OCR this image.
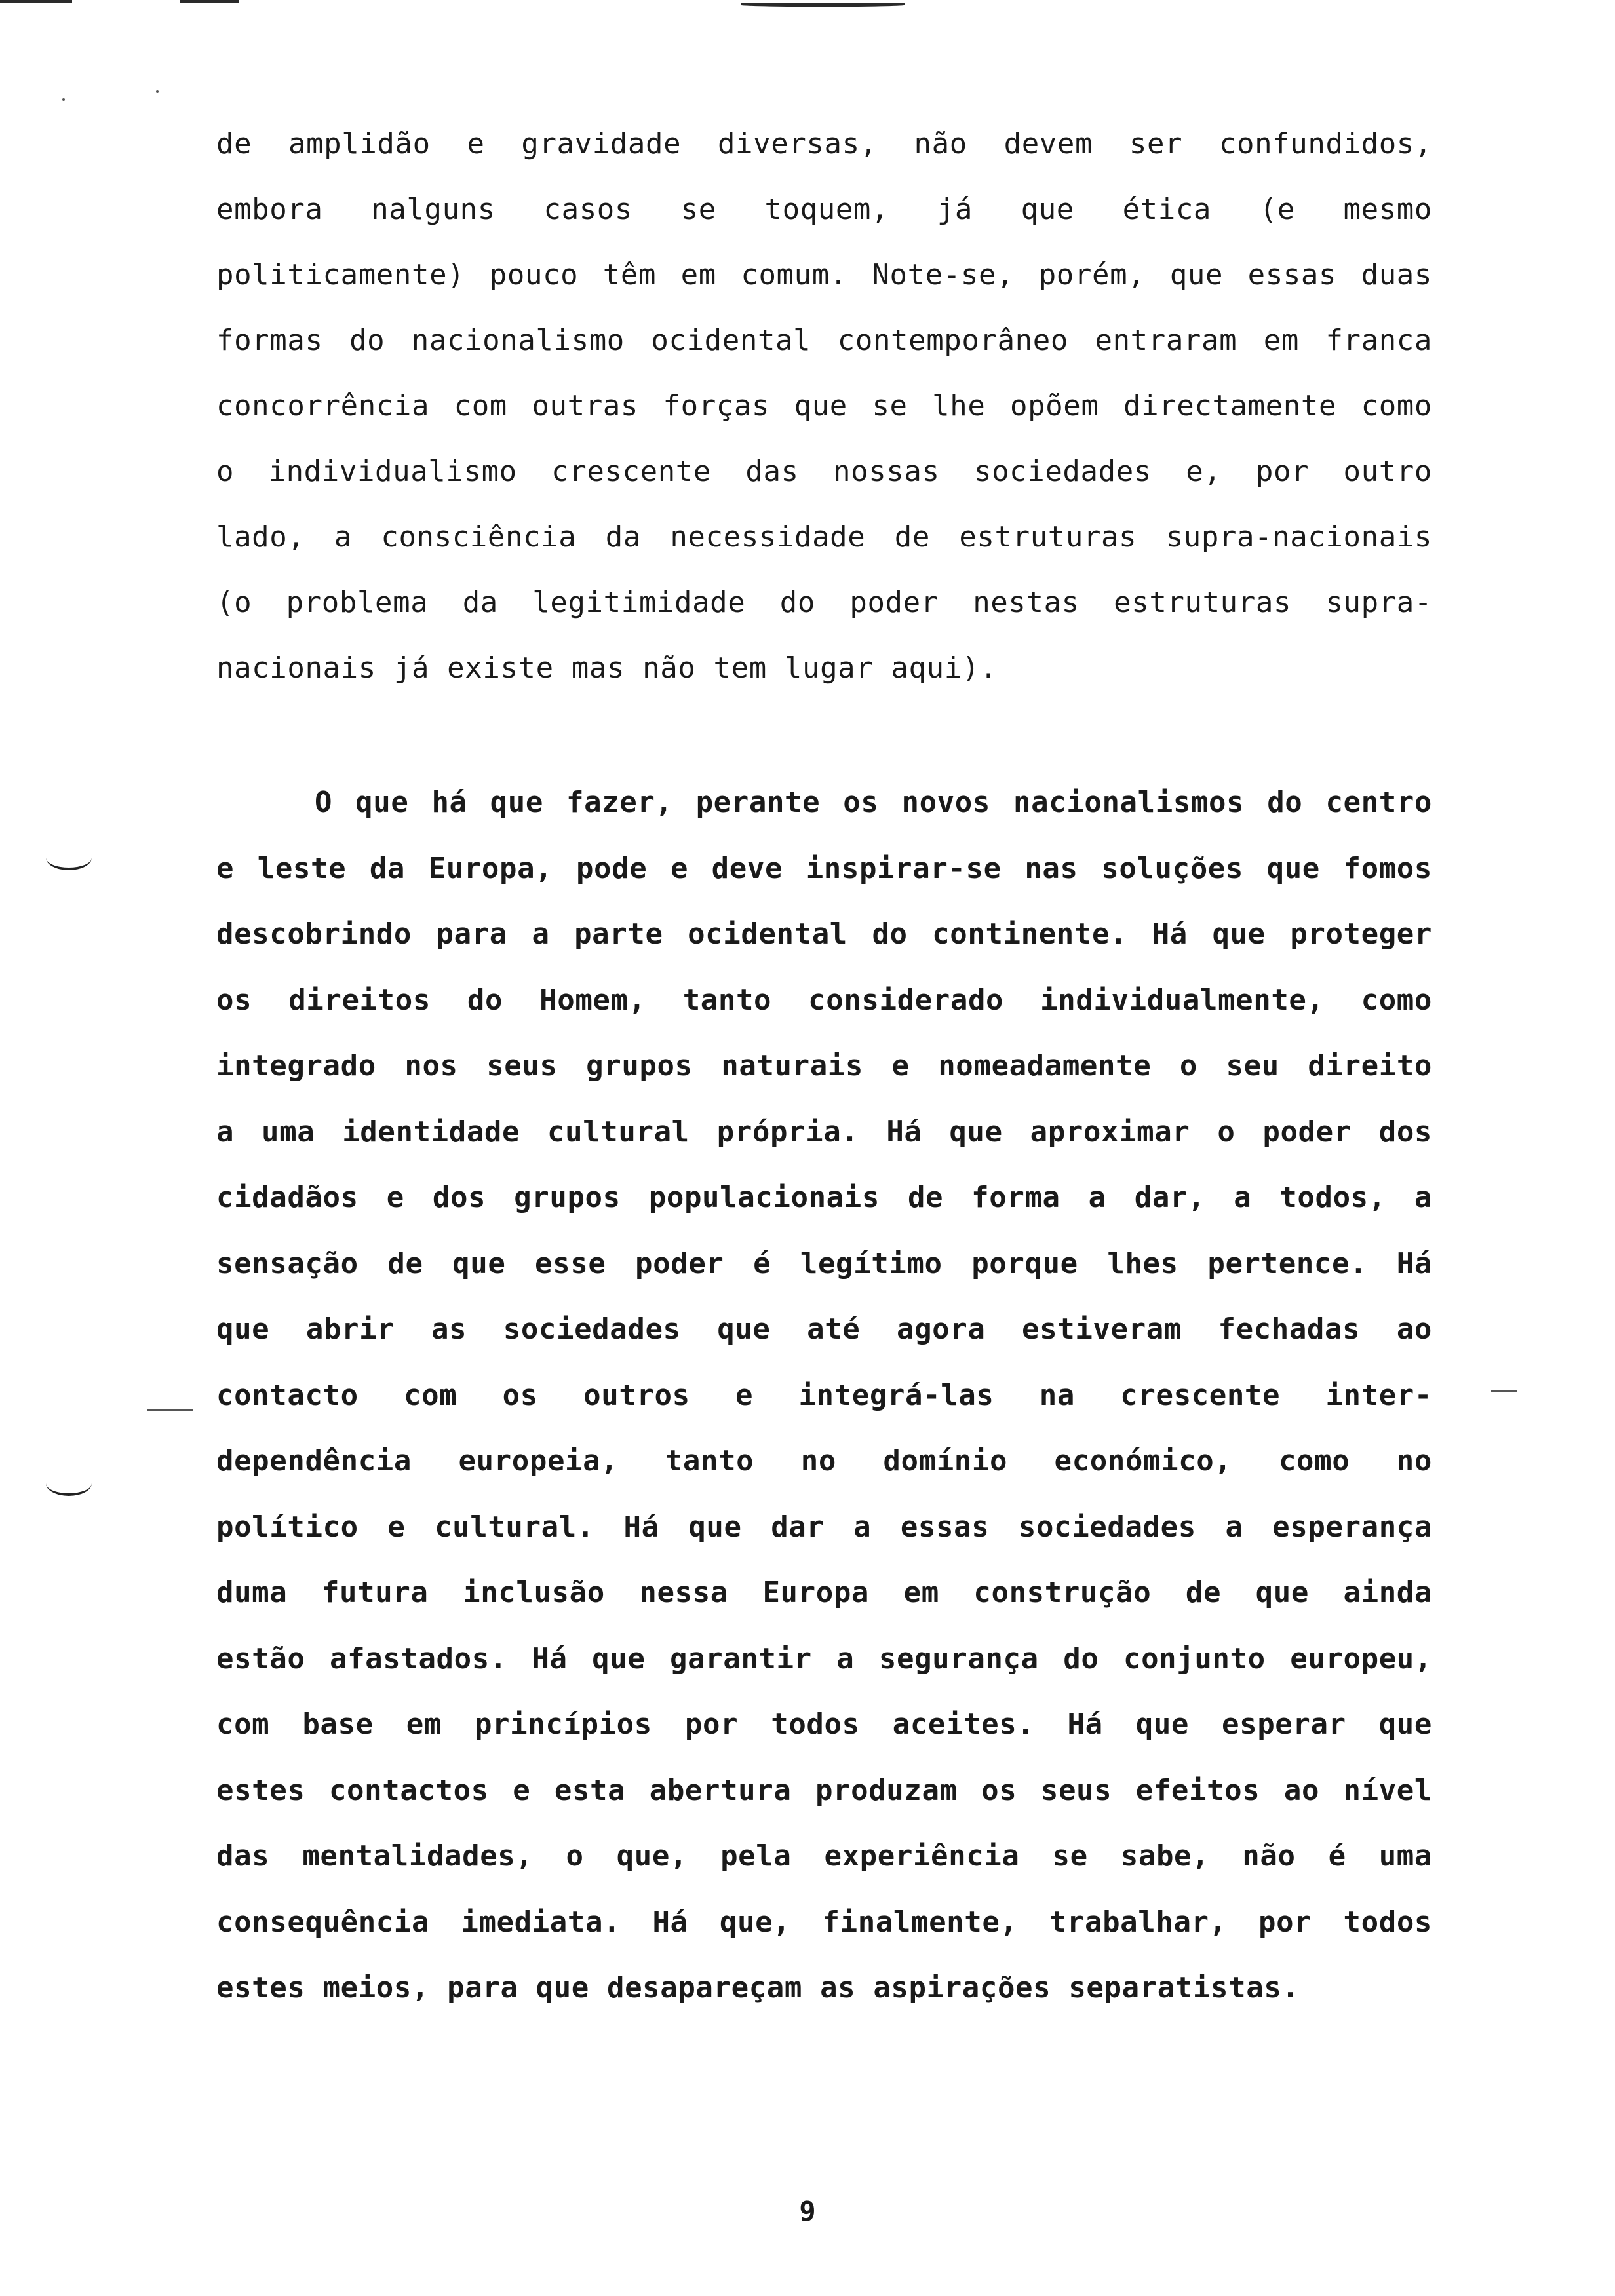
de amplidão e gravidade diversas, não devem ser confundidos,
embora nalguns casos se toquem, já que ética (e mesmo
politicamente) pouco têm em comum. Note-se, porém, que essas duas
formas do nacionalismo ocidental contemporâneo entraram em franca
concorrência com outras forças que se lhe opõem directamente como
o individualismo crescente das nossas sociedades e, por outro
lado, a consciência da necessidade de estruturas supra-nacionais
(o problema da legitimidade do poder nestas estruturas supra-
nacionais já existe mas não tem lugar aqui).
O que há que fazer, perante os novos nacionalismos do centro
e leste da Europa, pode e deve inspirar-se nas soluções que fomos
descobrindo para a parte ocidental do continente. Há que proteger
os direitos do Homem, tanto considerado individualmente, como
integrado nos seus grupos naturais e nomeadamente o seu direito
a uma identidade cultural própria. Há que aproximar o poder dos
cidadãos e dos grupos populacionais de forma a dar, a todos, a
sensação de que esse poder é legítimo porque lhes pertence. Há
que abrir as sociedades que até agora estiveram fechadas ao
contacto com os outros e integrá-las na crescente inter-
dependência europeia, tanto no domínio económico, como no
político e cultural. Há que dar a essas sociedades a esperança
duma futura inclusão nessa Europa em construção de que ainda
estão afastados. Há que garantir a segurança do conjunto europeu,
com base em princípios por todos aceites. Há que esperar que
estes contactos e esta abertura produzam os seus efeitos ao nível
das mentalidades, o que, pela experiência se sabe, não é uma
consequência imediata. Há que, finalmente, trabalhar, por todos
estes meios, para que desapareçam as aspirações separatistas.
9
